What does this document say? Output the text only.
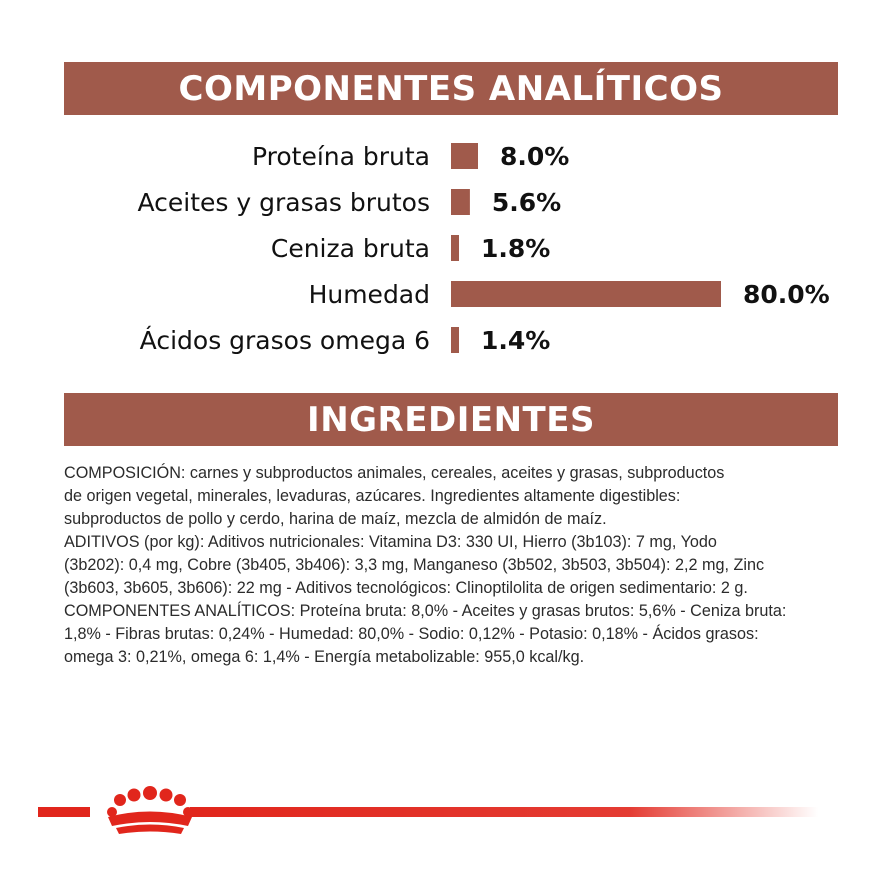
COMPONENTES ANALÍTICOS
Proteína bruta	8.0%
Aceites y grasas brutos 5.6%
Ceniza bruta 1.8%
Humedad	80.0%
Ácidos grasos omega 6 1.4%
INGREDIENTES

COMPOSICIÓN: carnes y subproductos animales, cereales, aceites y grasas, subproductos

de origen vegetal, minerales, levaduras, azúcares. Ingredientes altamente digestibles:

subproductos de pollo y cerdo, harina de maíz, mezcla de almidón de maíz.

ADITIVOS (por kg): Aditivos nutricionales: Vitamina D3: 330 UI, Hierro (3b103): 7 mg, Yodo

(3b202): 0,4 mg, Cobre (3b405, 3b406): 3,3 mg, Manganeso (3b502, 3b503, 3b504): 2,2 mg, Zinc

(3b603, 3b605, 3b606): 22 mg - Aditivos tecnológicos: Clinoptilolita de origen sedimentario: 2 g.

COMPONENTES ANALÍTICOS: Proteína bruta: 8,0% - Aceites y grasas brutos: 5,6% - Ceniza bruta:

1,8% - Fibras brutas: 0,24% - Humedad: 80,0% - Sodio: 0,12% - Potasio: 0,18% - Ácidos grasos:

omega 3: 0,21%, omega 6: 1,4% - Energía metabolizable: 955,0 kcal/kg.
